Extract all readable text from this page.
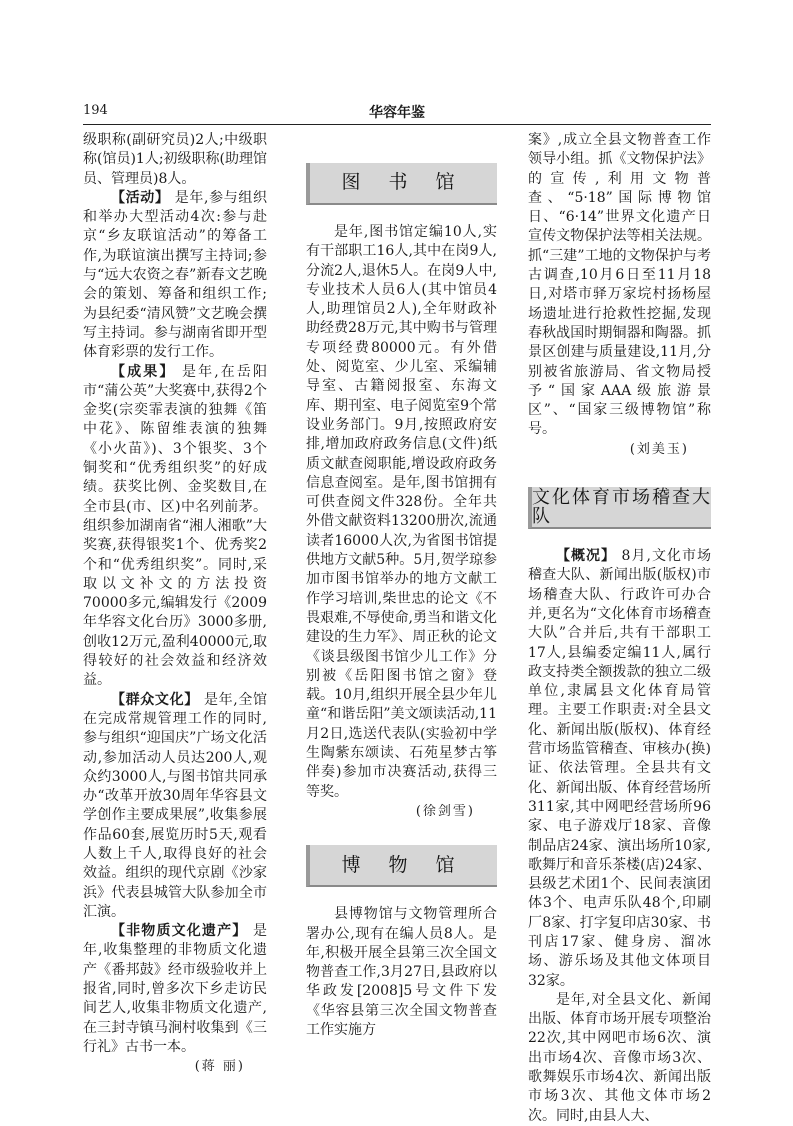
194	华容年鉴

级职称(副研究员)2人;中级职称(馆员)1人;初级职称(助理馆员、管理员)8人。

【活动】 是年,参与组织和举办大型活动4次:参与赴京“乡友联谊活动”的筹备工作,为联谊演出撰写主持词;参与“远大农资之春”新春文艺晚会的策划、筹备和组织工作;为县纪委“清风赞”文艺晚会撰写主持词。参与湖南省即开型体育彩票的发行工作。

【成果】 是年,在岳阳市“蒲公英”大奖赛中,获得2个金奖(宗奕霏表演的独舞《笛中花》、陈留维表演的独舞《小火苗》)、3个银奖、3个铜奖和“优秀组织奖”的好成绩。获奖比例、金奖数目,在全市县(市、区)中名列前茅。组织参加湖南省“湘人湘歌”大奖赛,获得银奖1个、优秀奖2个和“优秀组织奖”。同时,采取以文补文的方法投资70000多元,编辑发行《2009年华容文化台历》3000多册,创收12万元,盈利40000元,取得较好的社会效益和经济效益。

【群众文化】 是年,全馆在完成常规管理工作的同时,参与组织“迎国庆”广场文化活动,参加活动人员达200人,观众约3000人,与图书馆共同承办“改革开放30周年华容县文学创作主要成果展”,收集参展作品60套,展览历时5天,观看人数上千人,取得良好的社会效益。组织的现代京剧《沙家浜》代表县城管大队参加全市汇演。

【非物质文化遗产】 是年,收集整理的非物质文化遗产《番邦鼓》经市级验收并上报省,同时,曾多次下乡走访民间艺人,收集非物质文化遗产,在三封寺镇马涧村收集到《三行礼》古书一本。

(蒋 丽)

图 书 馆

是年,图书馆定编10人,实有干部职工16人,其中在岗9人,分流2人,退休5人。在岗9人中,专业技术人员6人(其中馆员4人,助理馆员2人),全年财政补助经费28万元,其中购书与管理专项经费80000元。有外借处、阅览室、少儿室、采编辅导室、古籍阅报室、东海文库、期刊室、电子阅览室9个常设业务部门。9月,按照政府安排,增加政府政务信息(文件)纸质文献查阅职能,增设政府政务信息查阅室。是年,图书馆拥有可供查阅文件328份。全年共外借文献资料13200册次,流通读者16000人次,为省图书馆提供地方文献5种。5月,贺学琼参加市图书馆举办的地方文献工作学习培训,柴世忠的论文《不畏艰难,不辱使命,勇当和谐文化建设的生力军》、周正秋的论文《谈县级图书馆少儿工作》分别被《岳阳图书馆之窗》登载。10月,组织开展全县少年儿童“和谐岳阳”美文颂读活动,11月2日,选送代表队(实验初中学生陶紫东颂读、石苑星梦古筝伴奏)参加市决赛活动,获得三等奖。

(徐剑雪)

博 物 馆

县博物馆与文物管理所合署办公,现有在编人员8人。是年,积极开展全县第三次全国文物普查工作,3月27日,县政府以华政发[2008]5号文件下发《华容县第三次全国文物普查工作实施方

案》,成立全县文物普查工作领导小组。抓《文物保护法》的宣传,利用文物普查、“5·18”国际博物馆日、“6·14”世界文化遗产日宣传文物保护法等相关法规。抓“三建”工地的文物保护与考古调查,10月6日至11月18日,对塔市驿万家垸村扬杨屋场遗址进行抢救性挖掘,发现春秋战国时期铜器和陶器。抓景区创建与质量建设,11月,分别被省旅游局、省文物局授予“国家AAA级旅游景区”、“国家三级博物馆”称号。

(刘美玉)

文化体育市场稽查大队

【概况】 8月,文化市场稽查大队、新闻出版(版权)市场稽查大队、行政许可办合并,更名为“文化体育市场稽查大队”合并后,共有干部职工17人,县编委定编11人,属行政支持类全额拨款的独立二级单位,隶属县文化体育局管理。主要工作职责:对全县文化、新闻出版(版权)、体育经营市场监管稽查、审核办(换)证、依法管理。全县共有文化、新闻出版、体育经营场所311家,其中网吧经营场所96家、电子游戏厅18家、音像制品店24家、演出场所10家,歌舞厅和音乐茶楼(店)24家、县级艺术团1个、民间表演团体3个、电声乐队48个,印刷厂8家、打字复印店30家、书刊店17家、健身房、溜冰场、游乐场及其他文体项目32家。

是年,对全县文化、新闻出版、体育市场开展专项整治22次,其中网吧市场6次、演出市场4次、音像市场3次、歌舞娱乐市场4次、新闻出版市场3次、其他文体市场2次。同时,由县人大、
